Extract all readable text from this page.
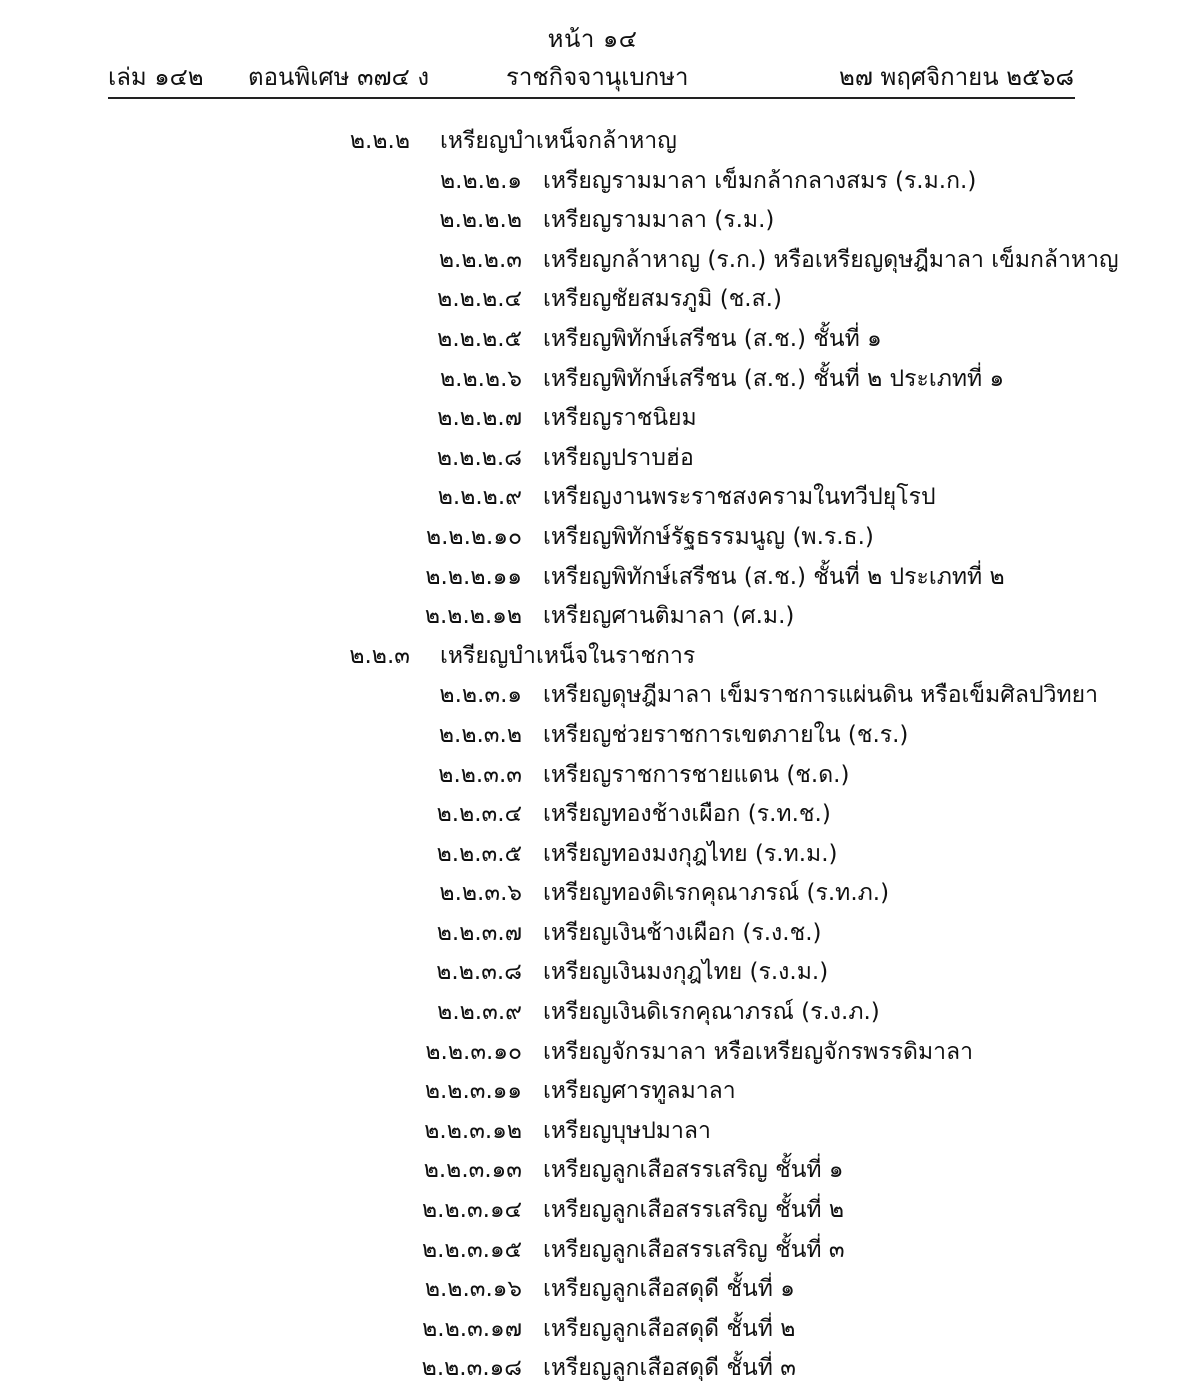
หน้า ๑๔
เล่ม ๑๔๒ ตอนพิเศษ ๓๗๔ ง	ราชกิจจานุเบกษา	๒๗ พฤศจิกายน ๒๕๖๘
๒.๒.๒ เหรียญบำเหน็จกล้าหาญ
๒.๒.๒.๑ เหรียญรามมาลา เข็มกล้ากลางสมร (ร.ม.ก.)
๒.๒.๒.๒ เหรียญรามมาลา (ร.ม.)
๒.๒.๒.๓ เหรียญกล้าหาญ (ร.ก.) หรือเหรียญดุษฎีมาลา เข็มกล้าหาญ
๒.๒.๒.๔ เหรียญชัยสมรภูมิ (ช.ส.)
๒.๒.๒.๕ เหรียญพิทักษ์เสรีชน (ส.ช.) ชั้นที่ ๑
๒.๒.๒.๖ เหรียญพิทักษ์เสรีชน (ส.ช.) ชั้นที่ ๒ ประเภทที่ ๑
๒.๒.๒.๗ เหรียญราชนิยม
๒.๒.๒.๘ เหรียญปราบฮ่อ
๒.๒.๒.๙ เหรียญงานพระราชสงครามในทวีปยุโรป
๒.๒.๒.๑๐ เหรียญพิทักษ์รัฐธรรมนูญ (พ.ร.ธ.)
๒.๒.๒.๑๑ เหรียญพิทักษ์เสรีชน (ส.ช.) ชั้นที่ ๒ ประเภทที่ ๒
๒.๒.๒.๑๒ เหรียญศานติมาลา (ศ.ม.)
๒.๒.๓ เหรียญบำเหน็จในราชการ
๒.๒.๓.๑ เหรียญดุษฎีมาลา เข็มราชการแผ่นดิน หรือเข็มศิลปวิทยา
๒.๒.๓.๒ เหรียญช่วยราชการเขตภายใน (ช.ร.)
๒.๒.๓.๓ เหรียญราชการชายแดน (ช.ด.)
๒.๒.๓.๔ เหรียญทองช้างเผือก (ร.ท.ช.)
๒.๒.๓.๕ เหรียญทองมงกุฎไทย (ร.ท.ม.)
๒.๒.๓.๖ เหรียญทองดิเรกคุณาภรณ์ (ร.ท.ภ.)
๒.๒.๓.๗ เหรียญเงินช้างเผือก (ร.ง.ช.)
๒.๒.๓.๘ เหรียญเงินมงกุฎไทย (ร.ง.ม.)
๒.๒.๓.๙ เหรียญเงินดิเรกคุณาภรณ์ (ร.ง.ภ.)
๒.๒.๓.๑๐ เหรียญจักรมาลา หรือเหรียญจักรพรรดิมาลา
๒.๒.๓.๑๑ เหรียญศารทูลมาลา
๒.๒.๓.๑๒ เหรียญบุษปมาลา
๒.๒.๓.๑๓ เหรียญลูกเสือสรรเสริญ ชั้นที่ ๑
๒.๒.๓.๑๔ เหรียญลูกเสือสรรเสริญ ชั้นที่ ๒
๒.๒.๓.๑๕ เหรียญลูกเสือสรรเสริญ ชั้นที่ ๓
๒.๒.๓.๑๖ เหรียญลูกเสือสดุดี ชั้นที่ ๑
๒.๒.๓.๑๗ เหรียญลูกเสือสดุดี ชั้นที่ ๒
๒.๒.๓.๑๘ เหรียญลูกเสือสดุดี ชั้นที่ ๓
